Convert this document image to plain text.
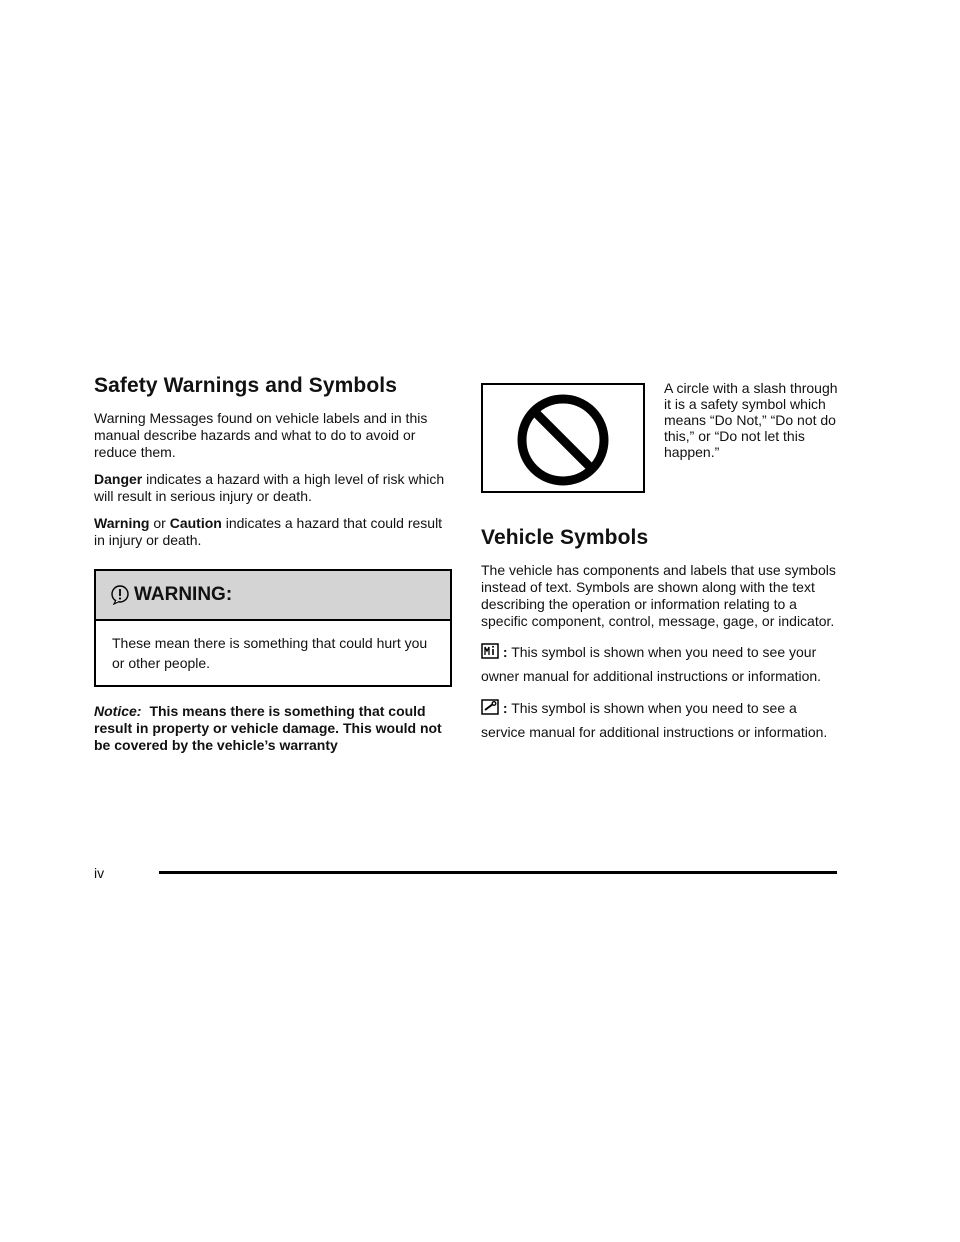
Safety Warnings and Symbols

Warning Messages found on vehicle labels and in this manual describe hazards and what to do to avoid or reduce them.

Danger indicates a hazard with a high level of risk which will result in serious injury or death.

Warning or Caution indicates a hazard that could result in injury or death.

WARNING:
These mean there is something that could hurt you or other people.

Notice: This means there is something that could result in property or vehicle damage. This would not be covered by the vehicle’s warranty

A circle with a slash through it is a safety symbol which means “Do Not,” “Do not do this,” or “Do not let this happen.”
Vehicle Symbols

The vehicle has components and labels that use symbols instead of text. Symbols are shown along with the text describing the operation or information relating to a specific component, control, message, gage, or indicator.

: This symbol is shown when you need to see your owner manual for additional instructions or information.

: This symbol is shown when you need to see a service manual for additional instructions or information.

iv
